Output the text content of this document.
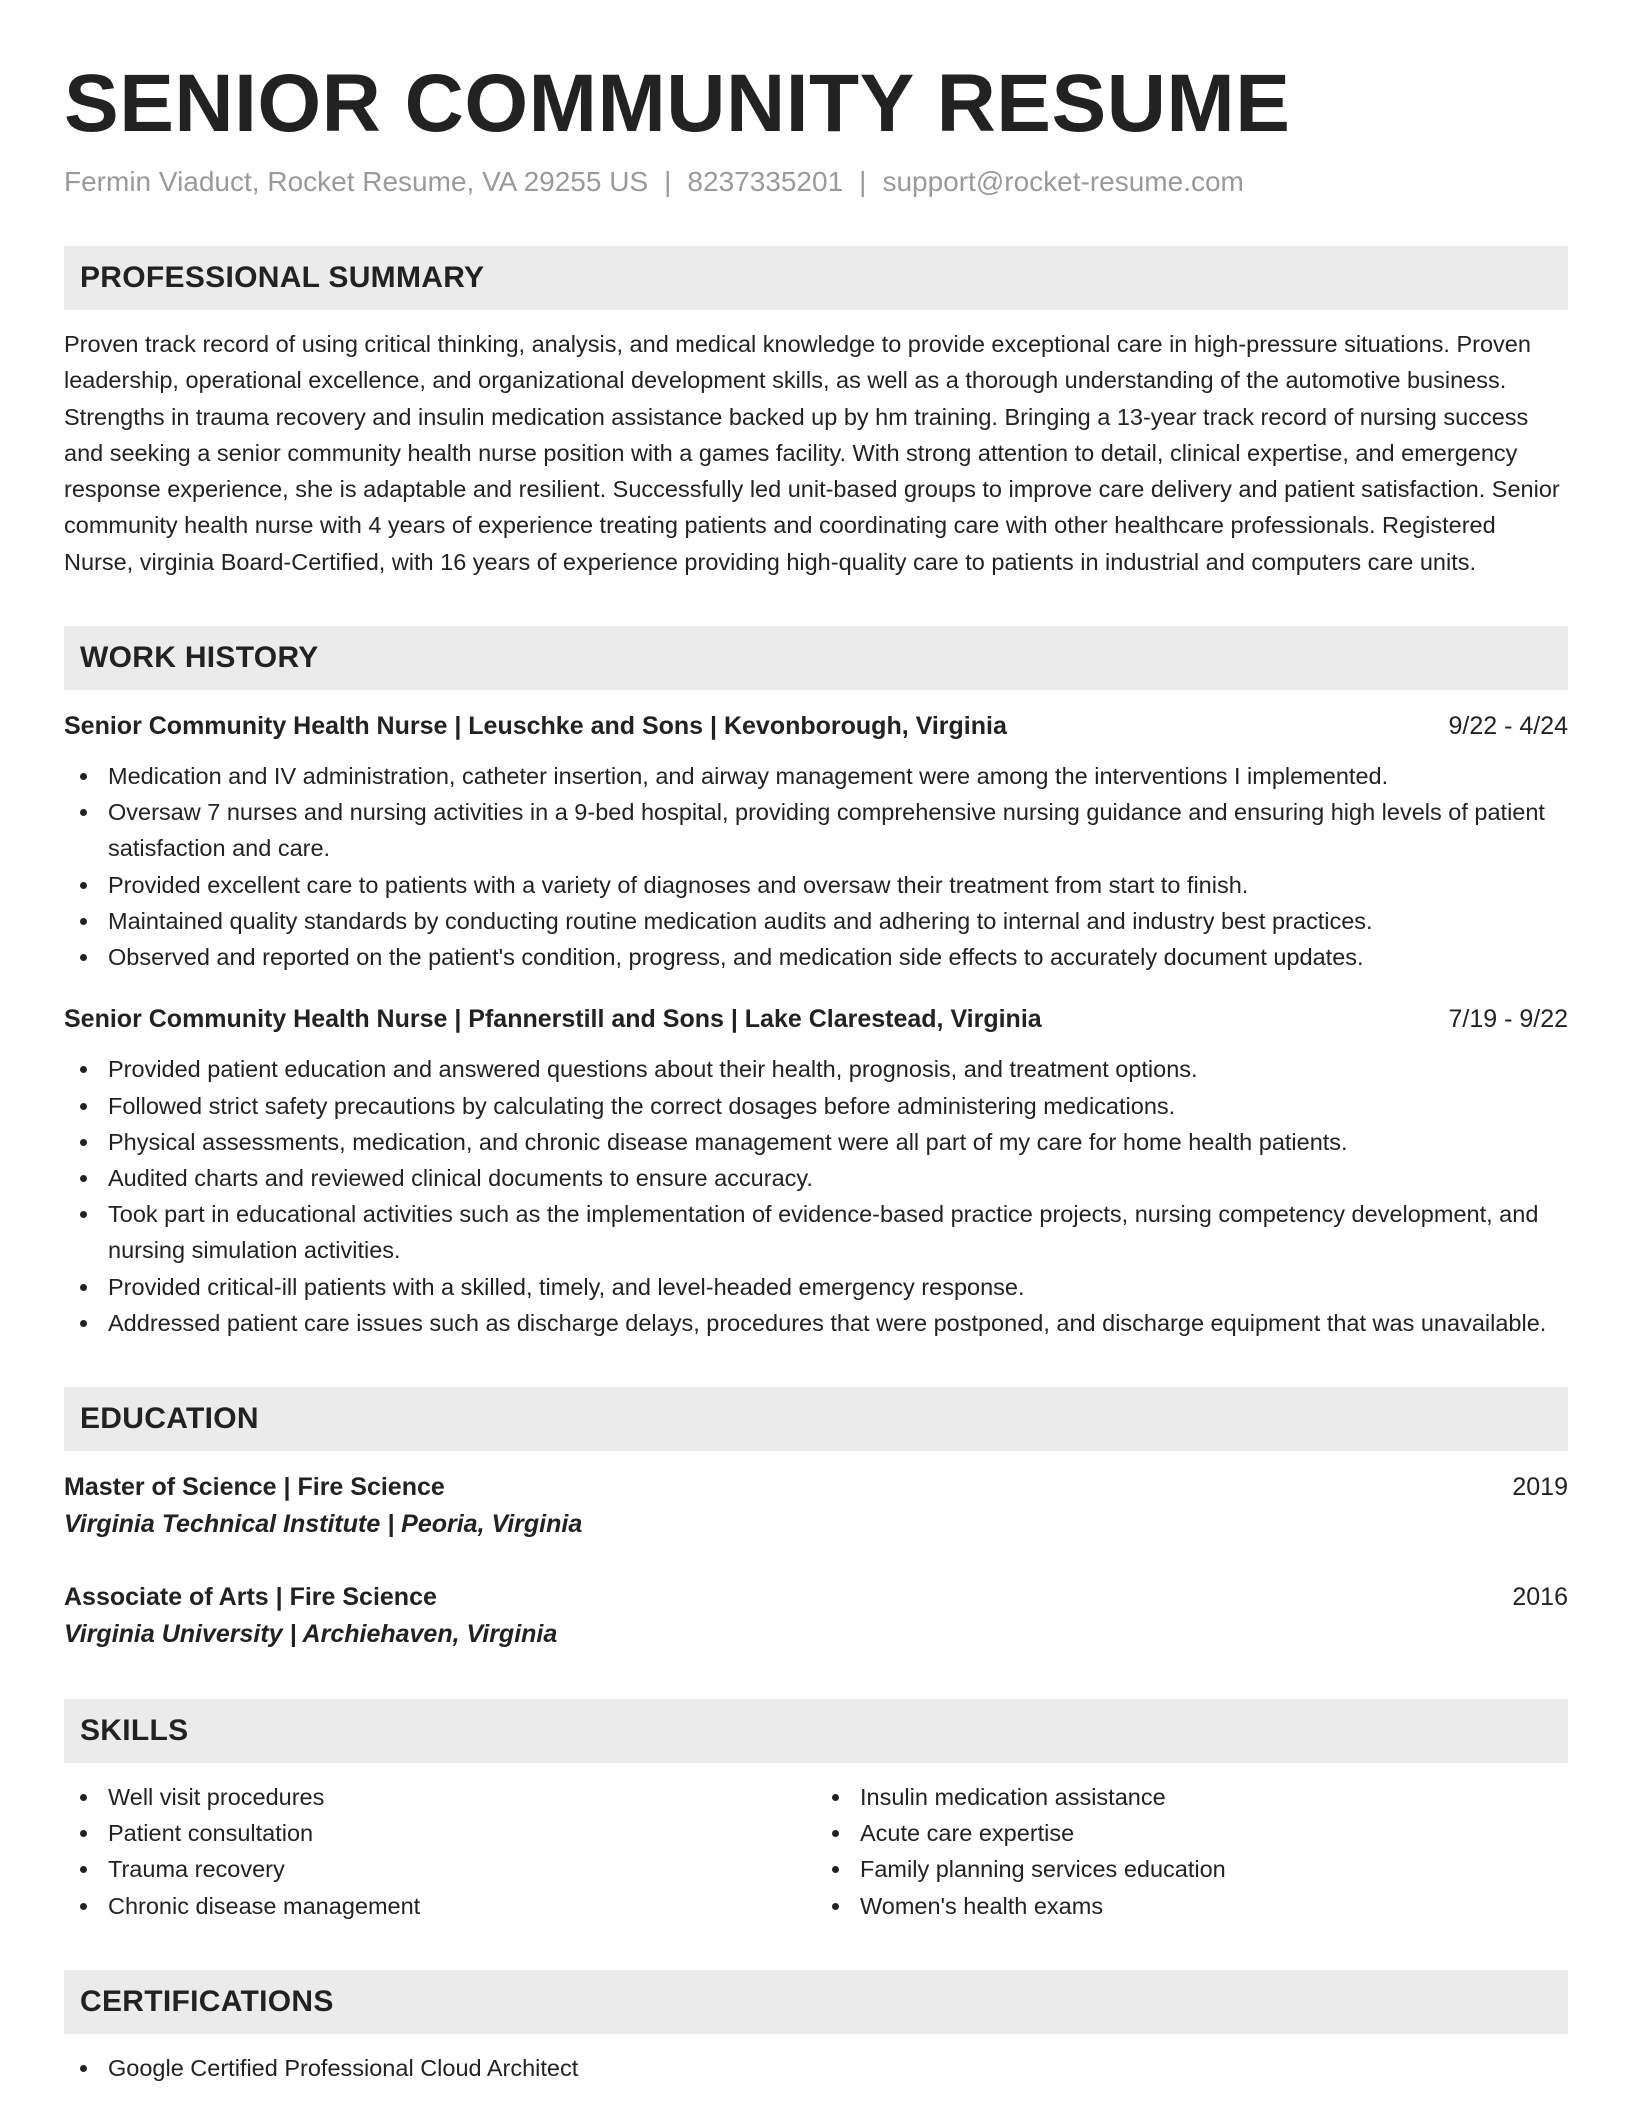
SENIOR COMMUNITY RESUME
Fermin Viaduct, Rocket Resume, VA 29255 US | 8237335201 | support@rocket-resume.com
PROFESSIONAL SUMMARY

Proven track record of using critical thinking, analysis, and medical knowledge to provide exceptional care in high-pressure situations. Proven leadership, operational excellence, and organizational development skills, as well as a thorough understanding of the automotive business. Strengths in trauma recovery and insulin medication assistance backed up by hm training. Bringing a 13-year track record of nursing success and seeking a senior community health nurse position with a games facility. With strong attention to detail, clinical expertise, and emergency response experience, she is adaptable and resilient. Successfully led unit-based groups to improve care delivery and patient satisfaction. Senior community health nurse with 4 years of experience treating patients and coordinating care with other healthcare professionals. Registered Nurse, virginia Board-Certified, with 16 years of experience providing high-quality care to patients in industrial and computers care units.

WORK HISTORY
Senior Community Health Nurse | Leuschke and Sons | Kevonborough, Virginia	9/22 - 4/24
Medication and IV administration, catheter insertion, and airway management were among the interventions I implemented.
Oversaw 7 nurses and nursing activities in a 9-bed hospital, providing comprehensive nursing guidance and ensuring high levels of patient satisfaction and care.
Provided excellent care to patients with a variety of diagnoses and oversaw their treatment from start to finish.
Maintained quality standards by conducting routine medication audits and adhering to internal and industry best practices.
Observed and reported on the patient's condition, progress, and medication side effects to accurately document updates.
Senior Community Health Nurse | Pfannerstill and Sons | Lake Clarestead, Virginia	7/19 - 9/22
Provided patient education and answered questions about their health, prognosis, and treatment options.
Followed strict safety precautions by calculating the correct dosages before administering medications.
Physical assessments, medication, and chronic disease management were all part of my care for home health patients.
Audited charts and reviewed clinical documents to ensure accuracy.
Took part in educational activities such as the implementation of evidence-based practice projects, nursing competency development, and nursing simulation activities.
Provided critical-ill patients with a skilled, timely, and level-headed emergency response.
Addressed patient care issues such as discharge delays, procedures that were postponed, and discharge equipment that was unavailable.
EDUCATION
Master of Science | Fire Science	2019
Virginia Technical Institute | Peoria, Virginia
Associate of Arts | Fire Science	2016
Virginia University | Archiehaven, Virginia
SKILLS
Well visit procedures
Patient consultation
Trauma recovery
Chronic disease management
Insulin medication assistance
Acute care expertise
Family planning services education
Women's health exams
CERTIFICATIONS
Google Certified Professional Cloud Architect
